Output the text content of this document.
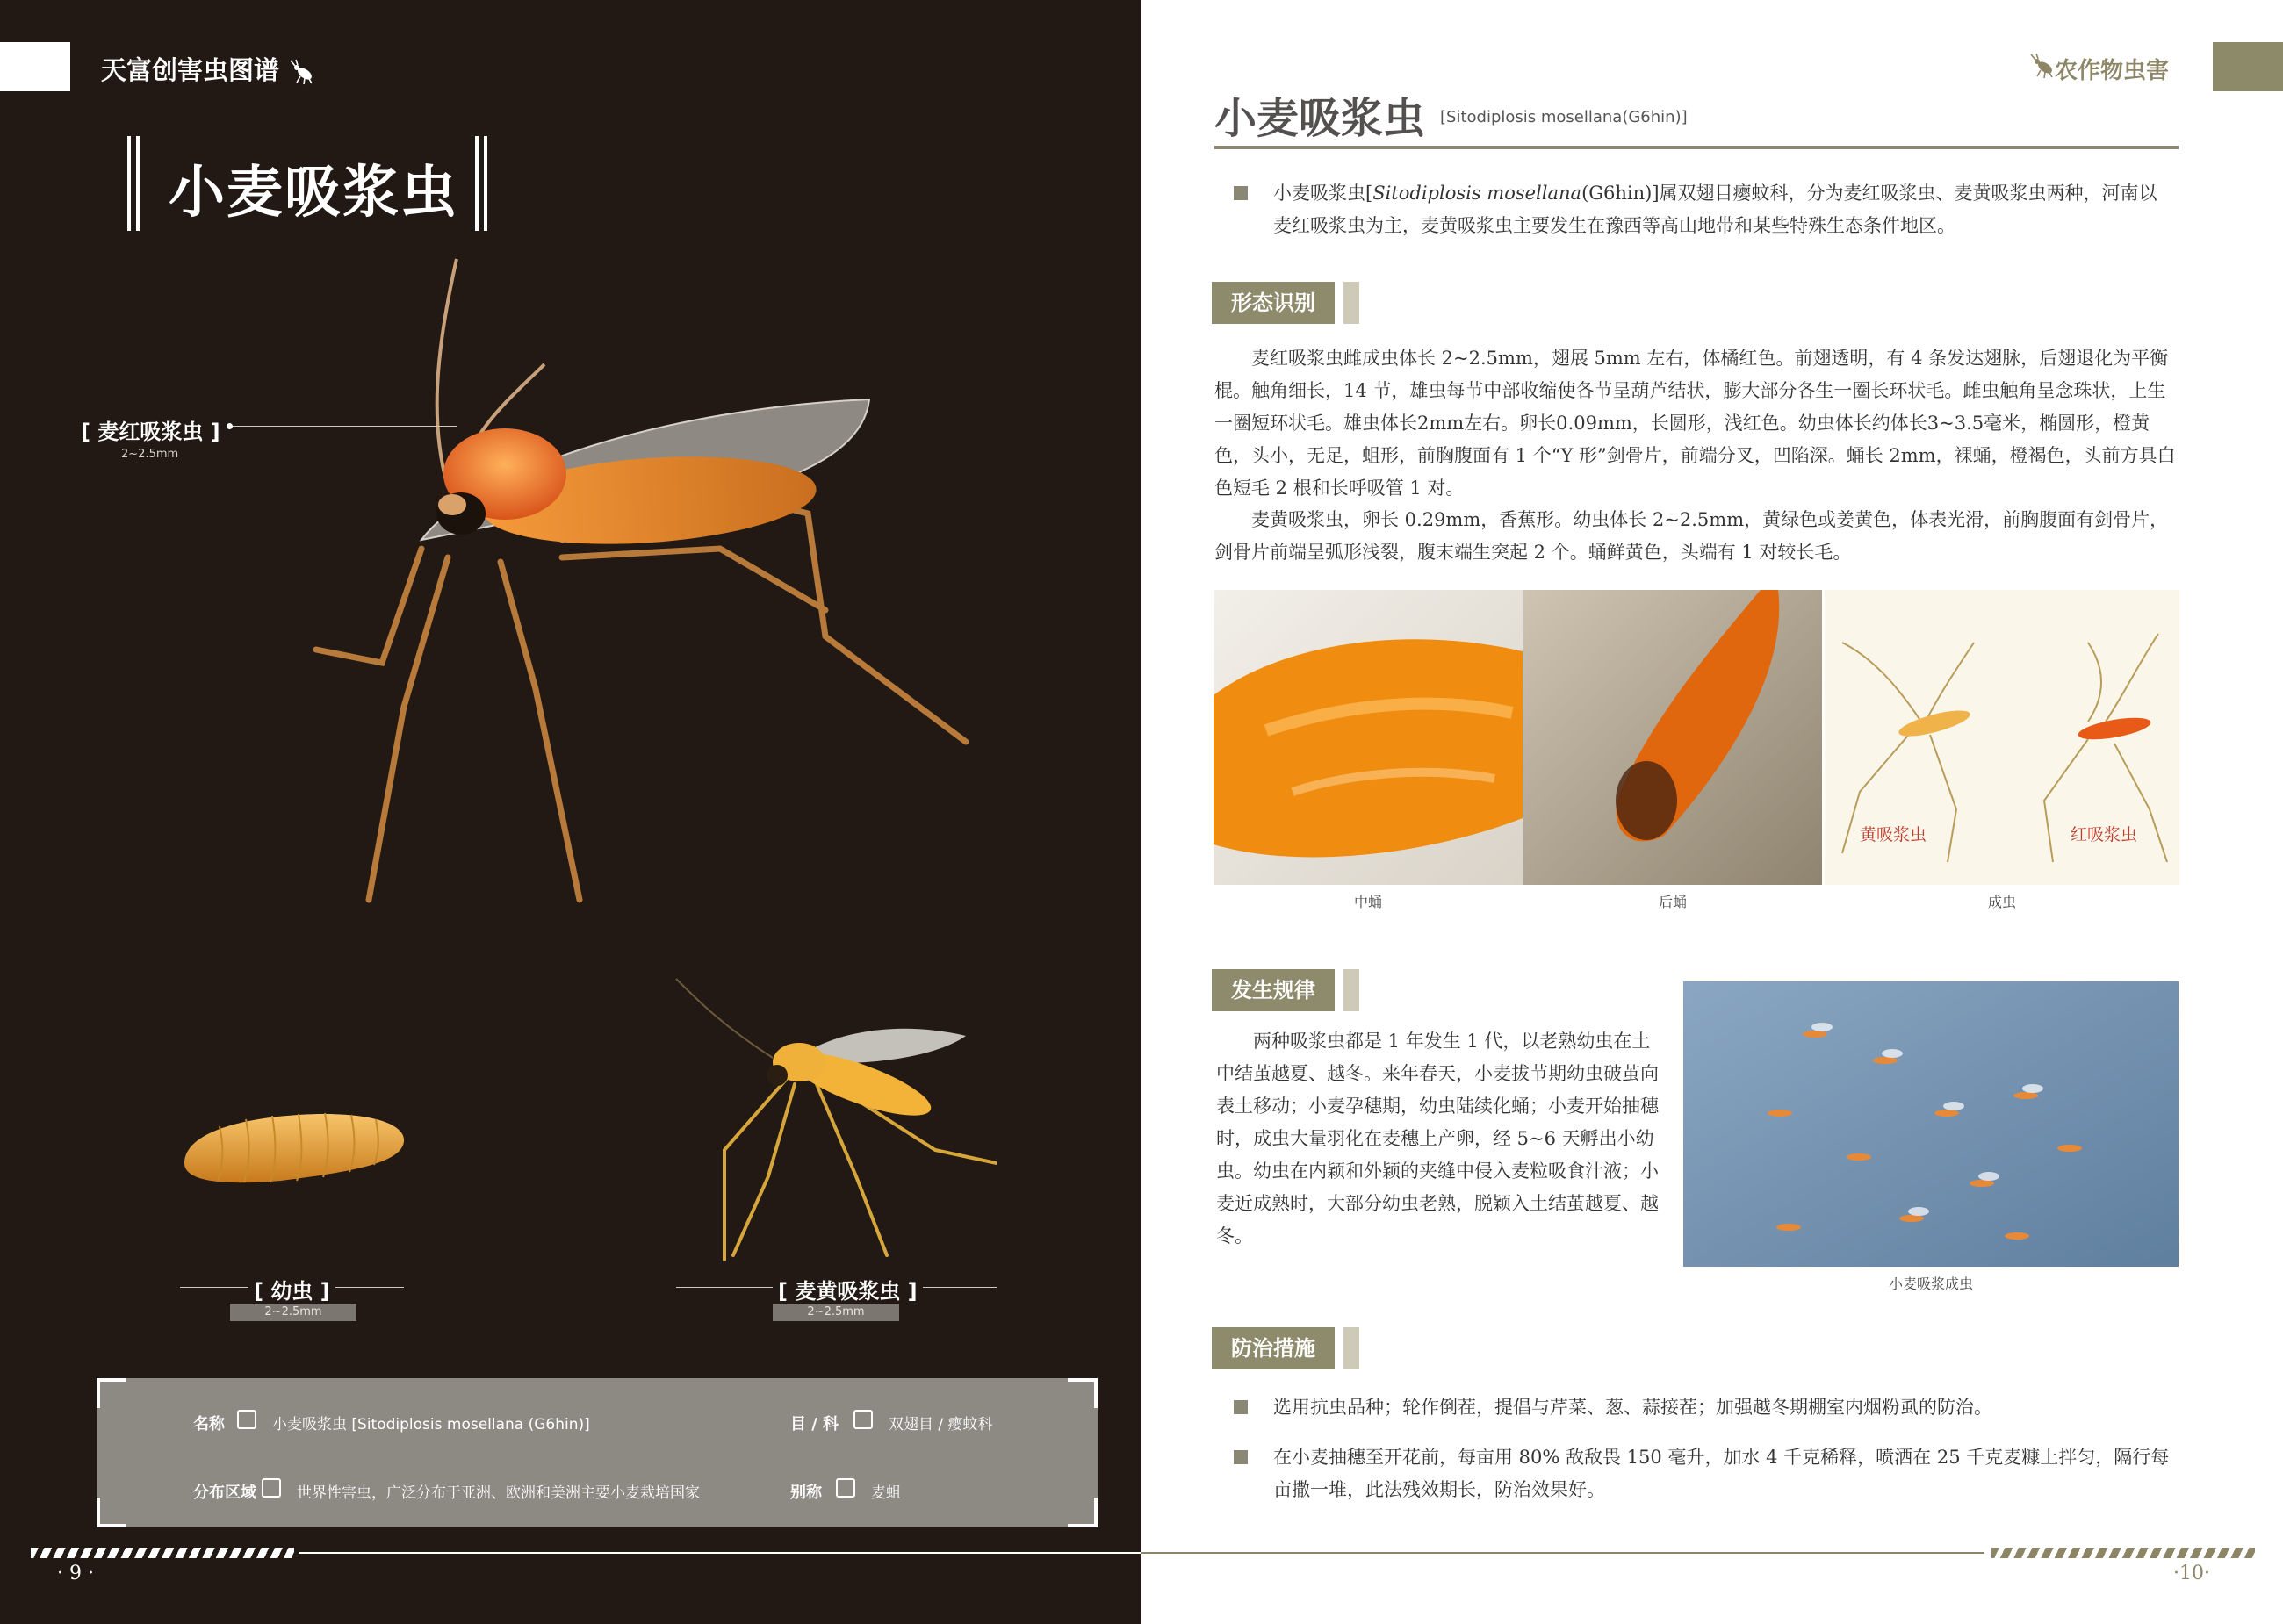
天富创害虫图谱
小麦吸浆虫
[ 麦红吸浆虫 ]
2~2.5mm
[ 幼虫 ]
2~2.5mm
[ 麦黄吸浆虫 ]
2~2.5mm
名称	小麦吸浆虫 [Sitodiplosis mosellana (G6hin)]	目 / 科	双翅目 / 瘿蚊科
分布区域	世界性害虫，广泛分布于亚洲、欧洲和美洲主要小麦栽培国家	别称	麦蛆
· 9 ·
农作物虫害
小麦吸浆虫 [Sitodiplosis mosellana(G6hin)]
小麦吸浆虫[Sitodiplosis mosellana(G6hin)]属双翅目瘿蚊科，分为麦红吸浆虫、麦黄吸浆虫两种，河南以
麦红吸浆虫为主，麦黄吸浆虫主要发生在豫西等高山地带和某些特殊生态条件地区。
形态识别
麦红吸浆虫雌成虫体长 2~2.5mm，翅展 5mm 左右，体橘红色。前翅透明，有 4 条发达翅脉，后翅退化为平衡棍。触角细长，14 节，雄虫每节中部收缩使各节呈葫芦结状，膨大部分各生一圈长环状毛。雌虫触角呈念珠状，上生一圈短环状毛。雄虫体长2mm左右。卵长0.09mm，长圆形，浅红色。幼虫体长约体长3~3.5毫米，椭圆形，橙黄色，头小，无足，蛆形，前胸腹面有 1 个“Y 形”剑骨片，前端分叉，凹陷深。蛹长 2mm，裸蛹，橙褐色，头前方具白色短毛 2 根和长呼吸管 1 对。
麦黄吸浆虫，卵长 0.29mm，香蕉形。幼虫体长 2~2.5mm，黄绿色或姜黄色，体表光滑，前胸腹面有剑骨片，剑骨片前端呈弧形浅裂，腹末端生突起 2 个。蛹鲜黄色，头端有 1 对较长毛。
黄吸浆虫	红吸浆虫
中蛹	后蛹	成虫
发生规律
两种吸浆虫都是 1 年发生 1 代，以老熟幼虫在土中结茧越夏、越冬。来年春天，小麦拔节期幼虫破茧向表土移动；小麦孕穗期，幼虫陆续化蛹；小麦开始抽穗时，成虫大量羽化在麦穗上产卵，经 5~6 天孵出小幼虫。幼虫在内颖和外颖的夹缝中侵入麦粒吸食汁液；小麦近成熟时，大部分幼虫老熟，脱颖入土结茧越夏、越冬。
小麦吸浆成虫
防治措施
选用抗虫品种；轮作倒茬，提倡与芹菜、葱、蒜接茬；加强越冬期棚室内烟粉虱的防治。
在小麦抽穗至开花前，每亩用 80% 敌敌畏 150 毫升，加水 4 千克稀释，喷洒在 25 千克麦糠上拌匀，隔行每亩撒一堆，此法残效期长，防治效果好。
·10·
